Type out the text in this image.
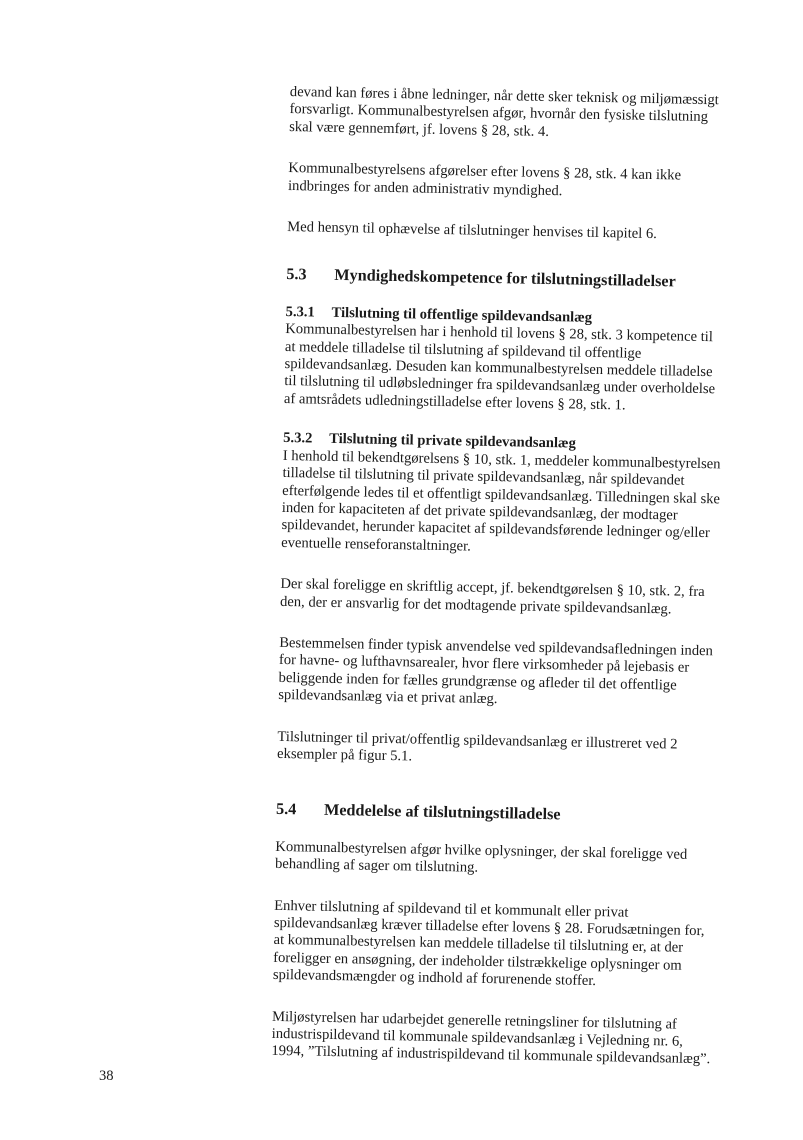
devand kan føres i åbne ledninger, når dette sker teknisk og miljømæssigt forsvarligt. Kommunalbestyrelsen afgør, hvornår den fysiske tilslutning skal være gennemført, jf. lovens § 28, stk. 4.

Kommunalbestyrelsens afgørelser efter lovens § 28, stk. 4 kan ikke indbringes for anden administrativ myndighed.

Med hensyn til ophævelse af tilslutninger henvises til kapitel 6.

5.3	Myndighedskompetence for tilslutningstilladelser
5.3.1	Tilslutning til offentlige spildevandsanlæg

Kommunalbestyrelsen har i henhold til lovens § 28, stk. 3 kompetence til at meddele tilladelse til tilslutning af spildevand til offentlige spildevandsanlæg. Desuden kan kommunalbestyrelsen meddele tilladelse til tilslutning til udløbsledninger fra spildevandsanlæg under overholdelse af amtsrådets udledningstilladelse efter lovens § 28, stk. 1.

5.3.2	Tilslutning til private spildevandsanlæg

I henhold til bekendtgørelsens § 10, stk. 1, meddeler kommunalbestyrelsen tilladelse til tilslutning til private spildevandsanlæg, når spildevandet efterfølgende ledes til et offentligt spildevandsanlæg. Tilledningen skal ske inden for kapaciteten af det private spildevandsanlæg, der modtager spildevandet, herunder kapacitet af spildevandsførende ledninger og/eller eventuelle renseforanstaltninger.

Der skal foreligge en skriftlig accept, jf. bekendtgørelsen § 10, stk. 2, fra den, der er ansvarlig for det modtagende private spildevandsanlæg.

Bestemmelsen finder typisk anvendelse ved spildevandsafledningen inden for havne- og lufthavnsarealer, hvor flere virksomheder på lejebasis er beliggende inden for fælles grundgrænse og afleder til det offentlige spildevandsanlæg via et privat anlæg.

Tilslutninger til privat/offentlig spildevandsanlæg er illustreret ved 2 eksempler på figur 5.1.

5.4	Meddelelse af tilslutningstilladelse

Kommunalbestyrelsen afgør hvilke oplysninger, der skal foreligge ved behandling af sager om tilslutning.

Enhver tilslutning af spildevand til et kommunalt eller privat spildevandsanlæg kræver tilladelse efter lovens § 28. Forudsætningen for, at kommunalbestyrelsen kan meddele tilladelse til tilslutning er, at der foreligger en ansøgning, der indeholder tilstrækkelige oplysninger om spildevandsmængder og indhold af forurenende stoffer.

Miljøstyrelsen har udarbejdet generelle retningsliner for tilslutning af industrispildevand til kommunale spildevandsanlæg i Vejledning nr. 6, 1994, ”Tilslutning af industrispildevand til kommunale spildevandsanlæg”.

38
